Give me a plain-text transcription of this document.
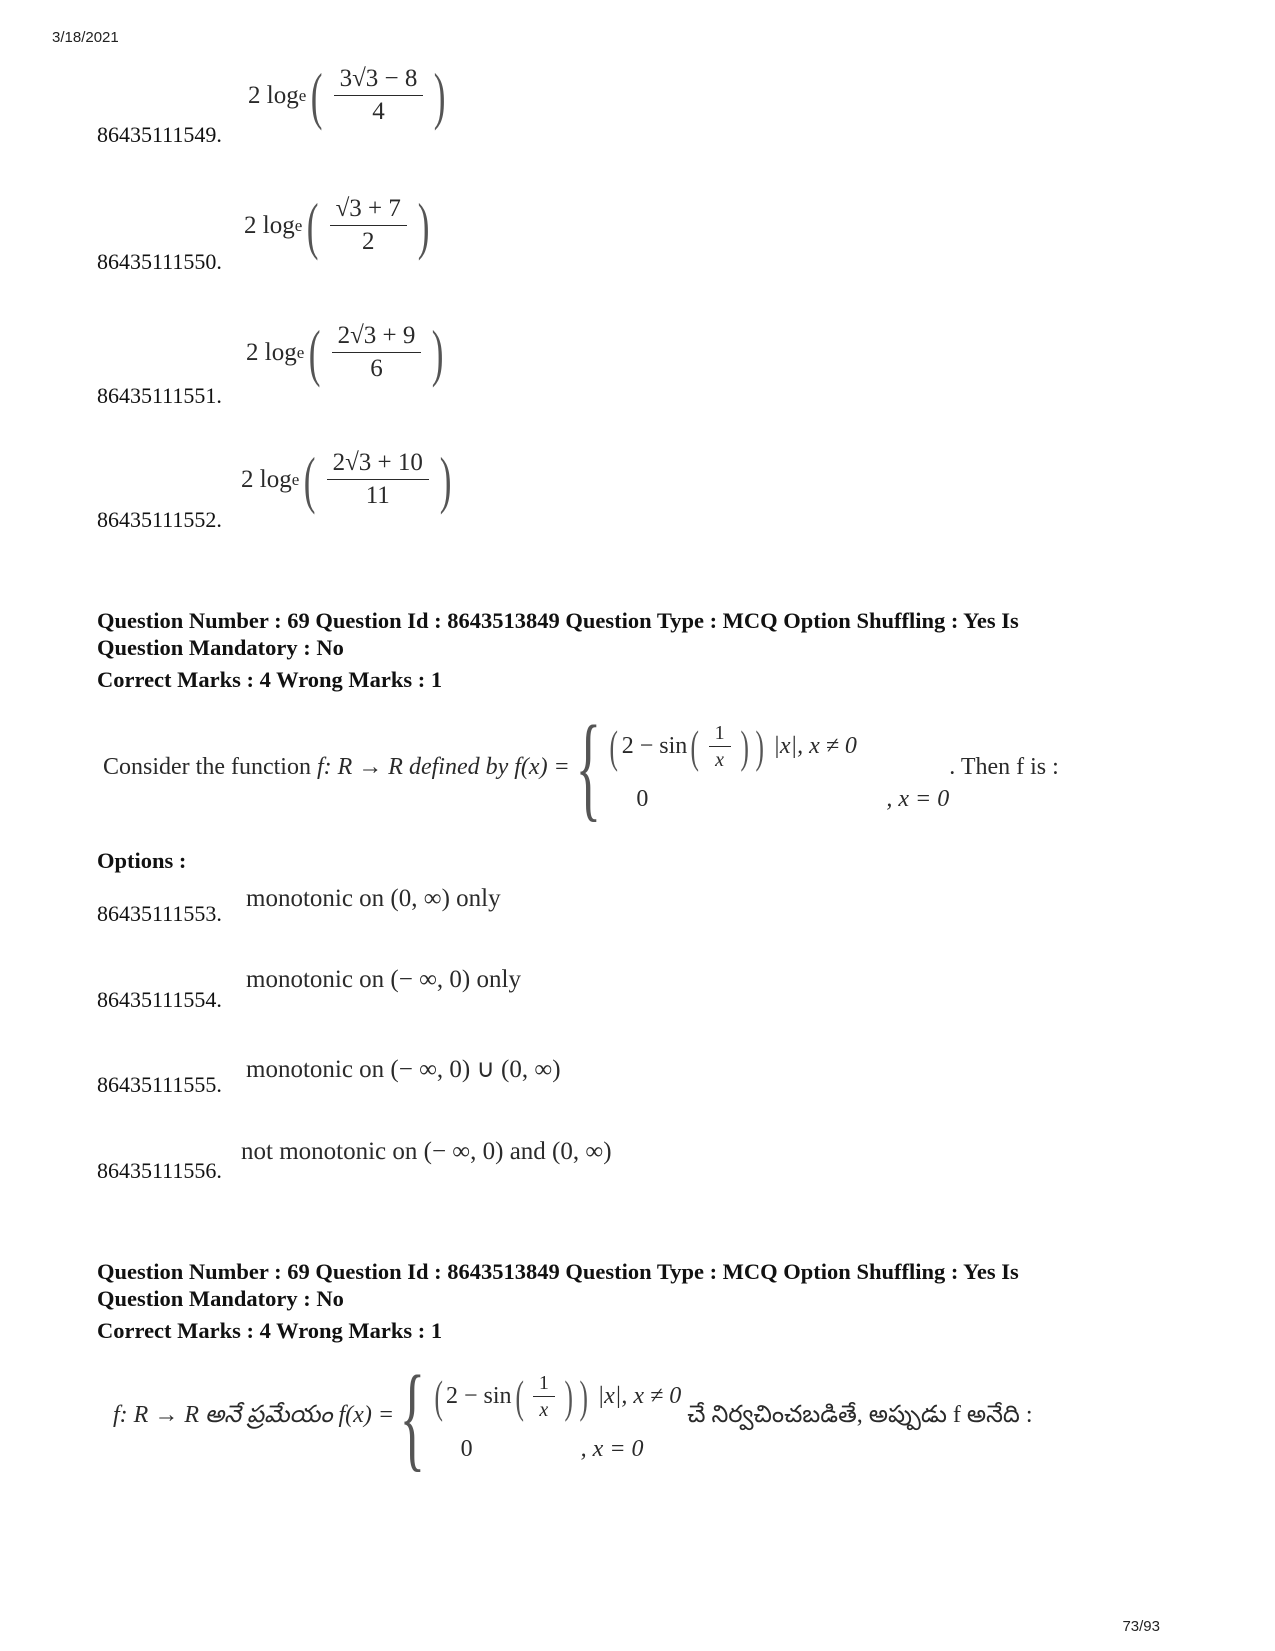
3/18/2021
86435111549.
2 log e ( $\frac{3√3 - 8}{4}$ )
86435111550.
2 log e ( $\frac{√3 + 7}{2}$ )
86435111551.
2 log e ( $\frac{2√3 + 9}{6}$ )
86435111552.
2 log e ( $\frac{2√3 + 10}{11}$ )
Question Number : 69 Question Id : 8643513849 Question Type : MCQ Option Shuffling : Yes Is
Question Mandatory : No
Correct Marks : 4 Wrong Marks : 1
Consider the function
f: R → R defined by
f(x) = { ( 2 − sin ( $\frac{1}{x}$ ) )
|x|, x ≠ 0
0	, x = 0
. Then f is :
Options :
86435111553.
monotonic on (0, ∞) only
86435111554.
monotonic on (− ∞, 0) only
86435111555.
monotonic on (− ∞, 0) ∪ (0, ∞)
86435111556.
not monotonic on (− ∞, 0) and (0, ∞)
Question Number : 69 Question Id : 8643513849 Question Type : MCQ Option Shuffling : Yes Is
Question Mandatory : No
Correct Marks : 4 Wrong Marks : 1
f: R → R అనే ప్రమేయం f(x) = { ( 2 − sin ( $\frac{1}{x}$ ) )
|x|, x ≠ 0
0	, x = 0

చే నిర్వచించబడితే, అప్పుడు f అనేది :
73/93
